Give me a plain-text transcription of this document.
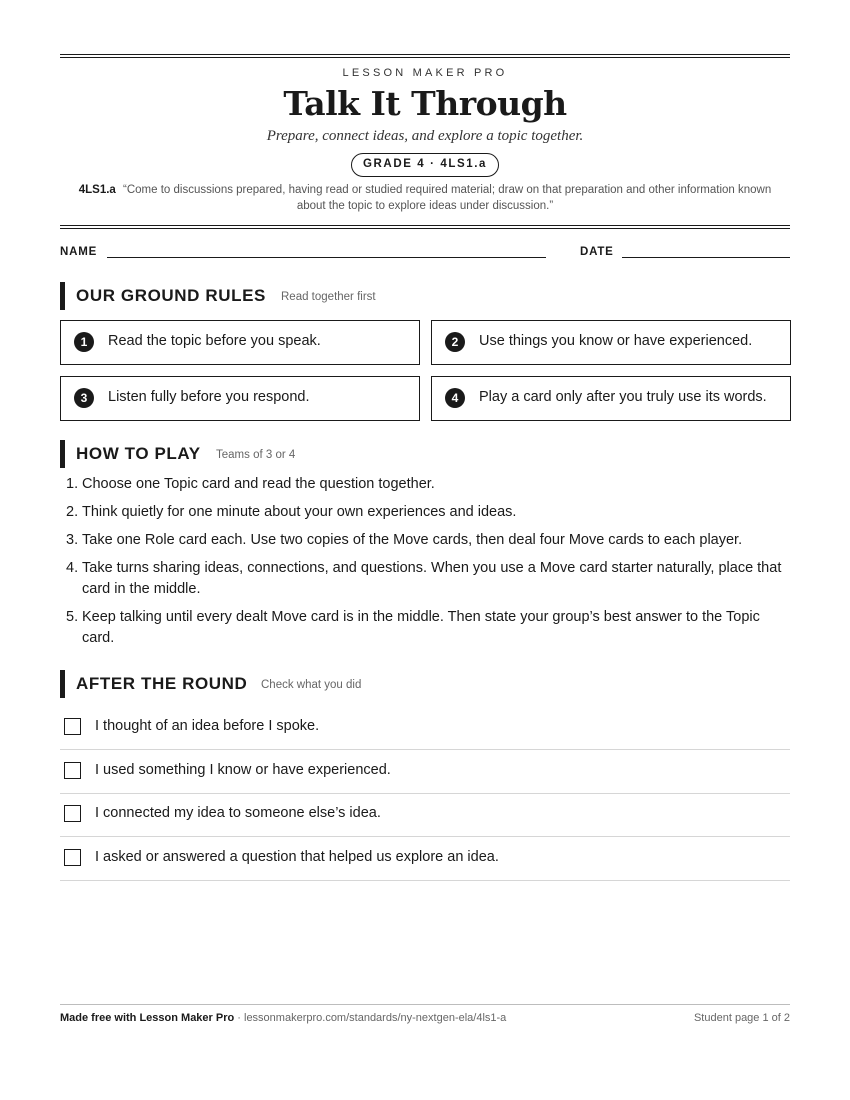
LESSON MAKER PRO
Talk It Through
Prepare, connect ideas, and explore a topic together.
GRADE 4 · 4LS1.a
4LS1.a “Come to discussions prepared, having read or studied required material; draw on that preparation and other information known about the topic to explore ideas under discussion.”
NAME	DATE
OUR GROUND RULES Read together first
1	Read the topic before you speak.	2	Use things you know or have experienced.
3	Listen fully before you respond.	4	Play a card only after you truly use its words.
HOW TO PLAY Teams of 3 or 4
1. Choose one Topic card and read the question together.
2. Think quietly for one minute about your own experiences and ideas.
3. Take one Role card each. Use two copies of the Move cards, then deal four Move cards to each player.
4. Take turns sharing ideas, connections, and questions. When you use a Move card starter naturally, place that card in the middle.
5. Keep talking until every dealt Move card is in the middle. Then state your group’s best answer to the Topic card.
AFTER THE ROUND Check what you did
I thought of an idea before I spoke.
I used something I know or have experienced.
I connected my idea to someone else’s idea.
I asked or answered a question that helped us explore an idea.
Made free with Lesson Maker Pro · lessonmakerpro.com/standards/ny-nextgen-ela/4ls1-a	Student page 1 of 2
